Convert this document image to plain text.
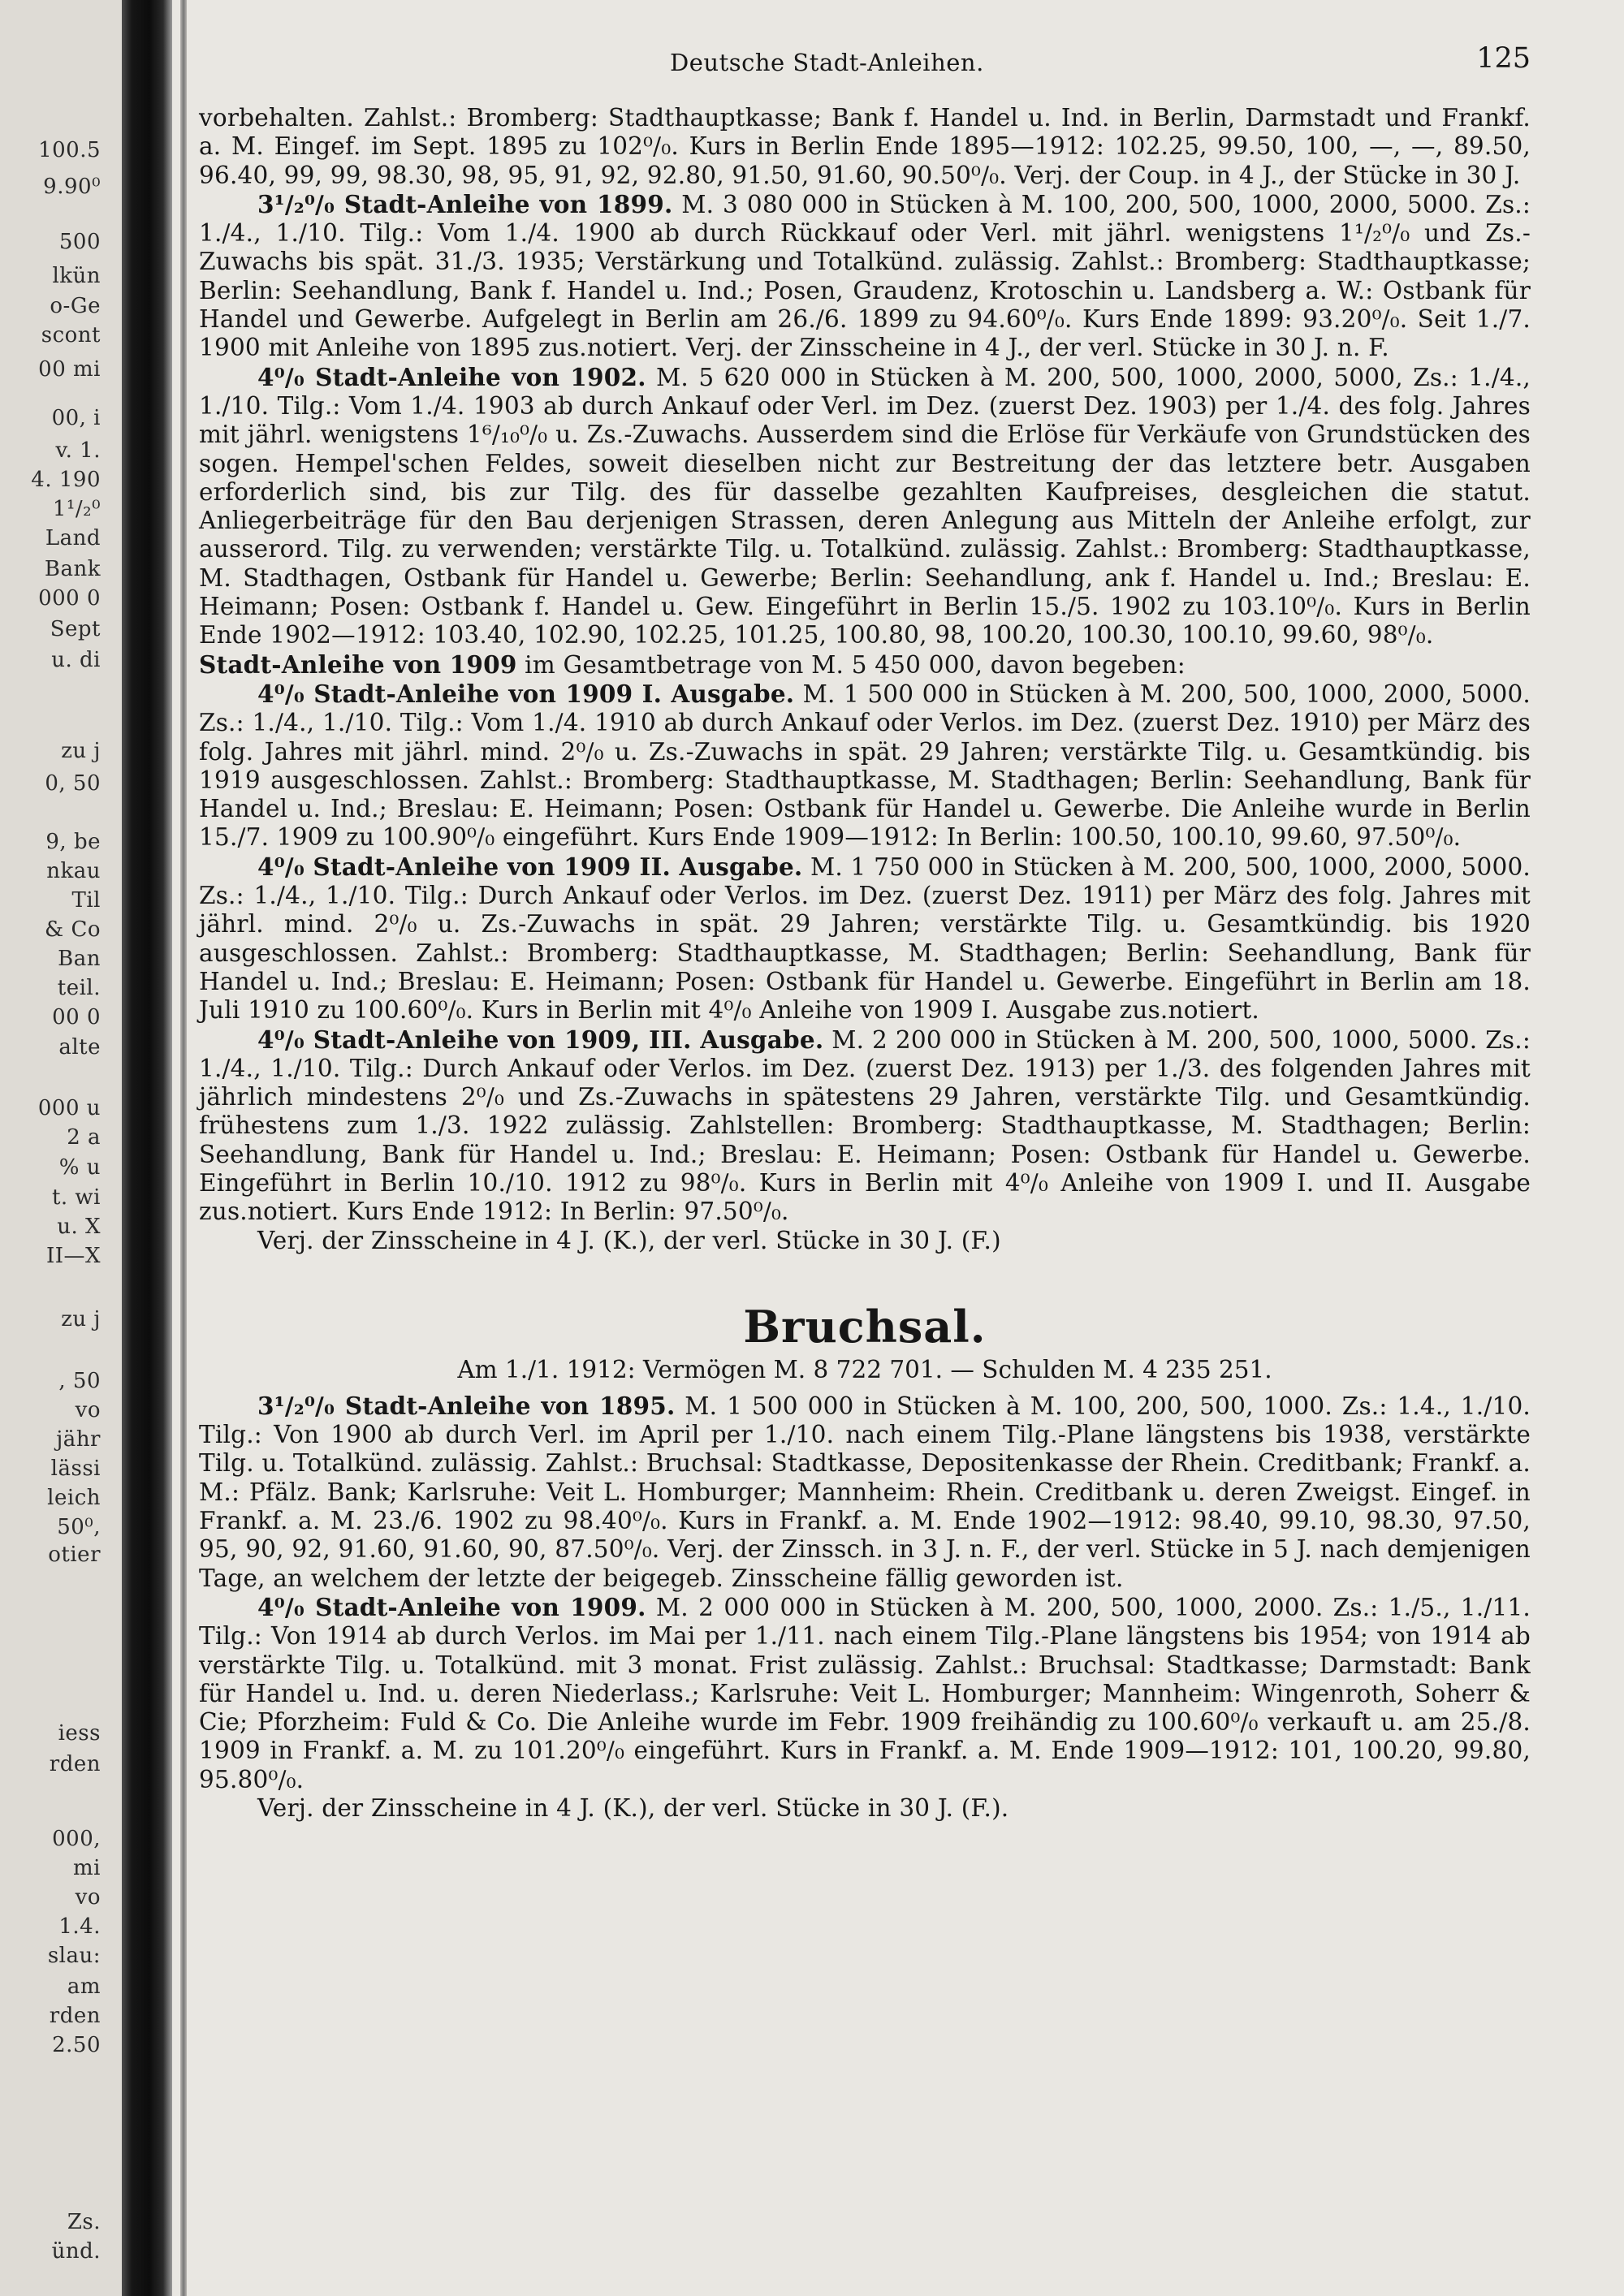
100.5
9.90⁰
500
lkün
o-Ge
scont
00 mi
00, i
v. 1.
4. 190
1¹/₂⁰
Land
Bank
000 0
Sept
u. di
zu j
0, 50
9, be
nkau
Til
& Co
Ban
teil.
00 0
alte
000 u
2 a
% u
t. wi
u. X
II—X
zu j
, 50
vo
jähr
lässi
leich
50⁰,
otier
iess
rden
000,
mi
vo
1.4.
slau:
am
rden
2.50
Zs.
ünd.
Deutsche Stadt-Anleihen.	125

vorbehalten. Zahlst.: Bromberg: Stadthauptkasse; Bank f. Handel u. Ind. in Berlin, Darmstadt und Frankf. a. M. Eingef. im Sept. 1895 zu 102⁰/₀. Kurs in Berlin Ende 1895—1912: 102.25, 99.50, 100, —, —, 89.50, 96.40, 99, 99, 98.30, 98, 95, 91, 92, 92.80, 91.50, 91.60, 90.50⁰/₀. Verj. der Coup. in 4 J., der Stücke in 30 J.

3¹/₂⁰/₀ Stadt-Anleihe von 1899. M. 3 080 000 in Stücken à M. 100, 200, 500, 1000, 2000, 5000. Zs.: 1./4., 1./10. Tilg.: Vom 1./4. 1900 ab durch Rückkauf oder Verl. mit jährl. wenigstens 1¹/₂⁰/₀ und Zs.-Zuwachs bis spät. 31./3. 1935; Verstärkung und Totalkünd. zulässig. Zahlst.: Bromberg: Stadthauptkasse; Berlin: Seehandlung, Bank f. Handel u. Ind.; Posen, Graudenz, Krotoschin u. Landsberg a. W.: Ostbank für Handel und Gewerbe. Aufgelegt in Berlin am 26./6. 1899 zu 94.60⁰/₀. Kurs Ende 1899: 93.20⁰/₀. Seit 1./7. 1900 mit Anleihe von 1895 zus.notiert. Verj. der Zinsscheine in 4 J., der verl. Stücke in 30 J. n. F.

4⁰/₀ Stadt-Anleihe von 1902. M. 5 620 000 in Stücken à M. 200, 500, 1000, 2000, 5000, Zs.: 1./4., 1./10. Tilg.: Vom 1./4. 1903 ab durch Ankauf oder Verl. im Dez. (zuerst Dez. 1903) per 1./4. des folg. Jahres mit jährl. wenigstens 1⁶/₁₀⁰/₀ u. Zs.-Zuwachs. Ausserdem sind die Erlöse für Verkäufe von Grundstücken des sogen. Hempel'schen Feldes, soweit dieselben nicht zur Bestreitung der das letztere betr. Ausgaben erforderlich sind, bis zur Tilg. des für dasselbe gezahlten Kaufpreises, desgleichen die statut. Anliegerbeiträge für den Bau derjenigen Strassen, deren Anlegung aus Mitteln der Anleihe erfolgt, zur ausserord. Tilg. zu verwenden; verstärkte Tilg. u. Totalkünd. zulässig. Zahlst.: Bromberg: Stadthauptkasse, M. Stadthagen, Ostbank für Handel u. Gewerbe; Berlin: Seehandlung, ank f. Handel u. Ind.; Breslau: E. Heimann; Posen: Ostbank f. Handel u. Gew. Eingeführt in Berlin 15./5. 1902 zu 103.10⁰/₀. Kurs in Berlin Ende 1902—1912: 103.40, 102.90, 102.25, 101.25, 100.80, 98, 100.20, 100.30, 100.10, 99.60, 98⁰/₀.

Stadt-Anleihe von 1909 im Gesamtbetrage von M. 5 450 000, davon begeben:

4⁰/₀ Stadt-Anleihe von 1909 I. Ausgabe. M. 1 500 000 in Stücken à M. 200, 500, 1000, 2000, 5000. Zs.: 1./4., 1./10. Tilg.: Vom 1./4. 1910 ab durch Ankauf oder Verlos. im Dez. (zuerst Dez. 1910) per März des folg. Jahres mit jährl. mind. 2⁰/₀ u. Zs.-Zuwachs in spät. 29 Jahren; verstärkte Tilg. u. Gesamtkündig. bis 1919 ausgeschlossen. Zahlst.: Bromberg: Stadthauptkasse, M. Stadthagen; Berlin: Seehandlung, Bank für Handel u. Ind.; Breslau: E. Heimann; Posen: Ostbank für Handel u. Gewerbe. Die Anleihe wurde in Berlin 15./7. 1909 zu 100.90⁰/₀ eingeführt. Kurs Ende 1909—1912: In Berlin: 100.50, 100.10, 99.60, 97.50⁰/₀.

4⁰/₀ Stadt-Anleihe von 1909 II. Ausgabe. M. 1 750 000 in Stücken à M. 200, 500, 1000, 2000, 5000. Zs.: 1./4., 1./10. Tilg.: Durch Ankauf oder Verlos. im Dez. (zuerst Dez. 1911) per März des folg. Jahres mit jährl. mind. 2⁰/₀ u. Zs.-Zuwachs in spät. 29 Jahren; verstärkte Tilg. u. Gesamtkündig. bis 1920 ausgeschlossen. Zahlst.: Bromberg: Stadthauptkasse, M. Stadthagen; Berlin: Seehandlung, Bank für Handel u. Ind.; Breslau: E. Heimann; Posen: Ostbank für Handel u. Gewerbe. Eingeführt in Berlin am 18. Juli 1910 zu 100.60⁰/₀. Kurs in Berlin mit 4⁰/₀ Anleihe von 1909 I. Ausgabe zus.notiert.

4⁰/₀ Stadt-Anleihe von 1909, III. Ausgabe. M. 2 200 000 in Stücken à M. 200, 500, 1000, 5000. Zs.: 1./4., 1./10. Tilg.: Durch Ankauf oder Verlos. im Dez. (zuerst Dez. 1913) per 1./3. des folgenden Jahres mit jährlich mindestens 2⁰/₀ und Zs.-Zuwachs in spätestens 29 Jahren, verstärkte Tilg. und Gesamtkündig. frühestens zum 1./3. 1922 zulässig. Zahlstellen: Bromberg: Stadthauptkasse, M. Stadthagen; Berlin: Seehandlung, Bank für Handel u. Ind.; Breslau: E. Heimann; Posen: Ostbank für Handel u. Gewerbe. Eingeführt in Berlin 10./10. 1912 zu 98⁰/₀. Kurs in Berlin mit 4⁰/₀ Anleihe von 1909 I. und II. Ausgabe zus.notiert. Kurs Ende 1912: In Berlin: 97.50⁰/₀.

Verj. der Zinsscheine in 4 J. (K.), der verl. Stücke in 30 J. (F.)

Bruchsal.
Am 1./1. 1912: Vermögen M. 8 722 701. — Schulden M. 4 235 251.

3¹/₂⁰/₀ Stadt-Anleihe von 1895. M. 1 500 000 in Stücken à M. 100, 200, 500, 1000. Zs.: 1.4., 1./10. Tilg.: Von 1900 ab durch Verl. im April per 1./10. nach einem Tilg.-Plane längstens bis 1938, verstärkte Tilg. u. Totalkünd. zulässig. Zahlst.: Bruchsal: Stadtkasse, Depositenkasse der Rhein. Creditbank; Frankf. a. M.: Pfälz. Bank; Karlsruhe: Veit L. Homburger; Mannheim: Rhein. Creditbank u. deren Zweigst. Eingef. in Frankf. a. M. 23./6. 1902 zu 98.40⁰/₀. Kurs in Frankf. a. M. Ende 1902—1912: 98.40, 99.10, 98.30, 97.50, 95, 90, 92, 91.60, 91.60, 90, 87.50⁰/₀. Verj. der Zinssch. in 3 J. n. F., der verl. Stücke in 5 J. nach demjenigen Tage, an welchem der letzte der beigegeb. Zinsscheine fällig geworden ist.

4⁰/₀ Stadt-Anleihe von 1909. M. 2 000 000 in Stücken à M. 200, 500, 1000, 2000. Zs.: 1./5., 1./11. Tilg.: Von 1914 ab durch Verlos. im Mai per 1./11. nach einem Tilg.-Plane längstens bis 1954; von 1914 ab verstärkte Tilg. u. Totalkünd. mit 3 monat. Frist zulässig. Zahlst.: Bruchsal: Stadtkasse; Darmstadt: Bank für Handel u. Ind. u. deren Niederlass.; Karlsruhe: Veit L. Homburger; Mannheim: Wingenroth, Soherr & Cie; Pforzheim: Fuld & Co. Die Anleihe wurde im Febr. 1909 freihändig zu 100.60⁰/₀ verkauft u. am 25./8. 1909 in Frankf. a. M. zu 101.20⁰/₀ eingeführt. Kurs in Frankf. a. M. Ende 1909—1912: 101, 100.20, 99.80, 95.80⁰/₀.

Verj. der Zinsscheine in 4 J. (K.), der verl. Stücke in 30 J. (F.).
